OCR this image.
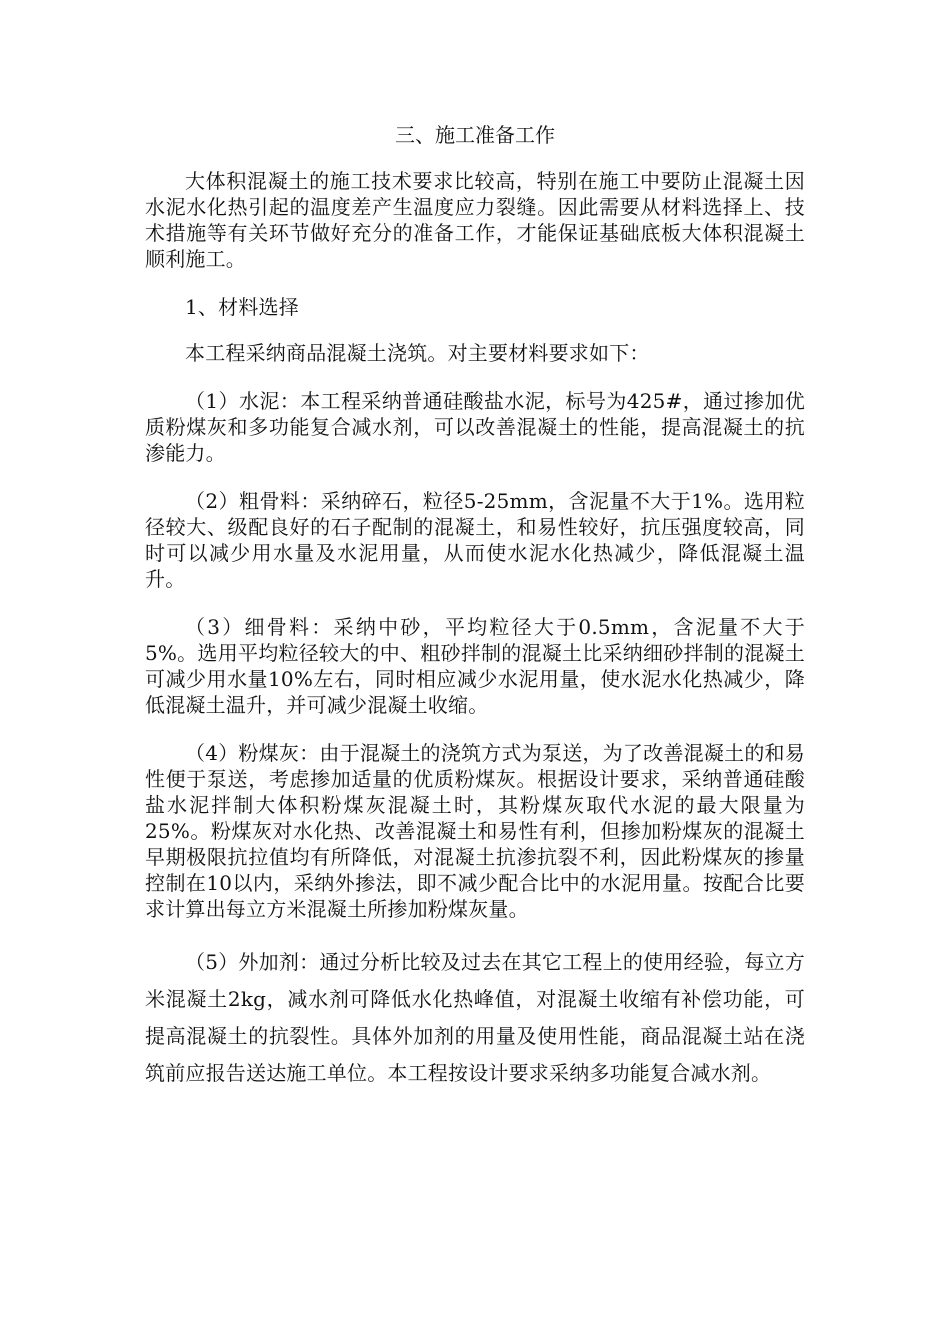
三、施工准备工作

大体积混凝土的施工技术要求比较高，特别在施工中要防止混凝土因水泥水化热引起的温度差产生温度应力裂缝。因此需要从材料选择上、技术措施等有关环节做好充分的准备工作，才能保证基础底板大体积混凝土顺利施工。

1、材料选择

本工程采纳商品混凝土浇筑。对主要材料要求如下：

（1）水泥：本工程采纳普通硅酸盐水泥，标号为425#，通过掺加优质粉煤灰和多功能复合减水剂，可以改善混凝土的性能，提高混凝土的抗渗能力。

（2）粗骨料：采纳碎石，粒径5-25mm，含泥量不大于1%。选用粒径较大、级配良好的石子配制的混凝土，和易性较好，抗压强度较高，同时可以减少用水量及水泥用量，从而使水泥水化热减少，降低混凝土温升。

（3）细骨料：采纳中砂，平均粒径大于0.5mm，含泥量不大于5%。选用平均粒径较大的中、粗砂拌制的混凝土比采纳细砂拌制的混凝土可减少用水量10%左右，同时相应减少水泥用量，使水泥水化热减少，降低混凝土温升，并可减少混凝土收缩。

（4）粉煤灰：由于混凝土的浇筑方式为泵送，为了改善混凝土的和易性便于泵送，考虑掺加适量的优质粉煤灰。根据设计要求，采纳普通硅酸盐水泥拌制大体积粉煤灰混凝土时，其粉煤灰取代水泥的最大限量为25%。粉煤灰对水化热、改善混凝土和易性有利，但掺加粉煤灰的混凝土早期极限抗拉值均有所降低，对混凝土抗渗抗裂不利，因此粉煤灰的掺量控制在10以内，采纳外掺法，即不减少配合比中的水泥用量。按配合比要求计算出每立方米混凝土所掺加粉煤灰量。

（5）外加剂：通过分析比较及过去在其它工程上的使用经验，每立方米混凝土2kg，减水剂可降低水化热峰值，对混凝土收缩有补偿功能，可提高混凝土的抗裂性。具体外加剂的用量及使用性能，商品混凝土站在浇筑前应报告送达施工单位。本工程按设计要求采纳多功能复合减水剂。
